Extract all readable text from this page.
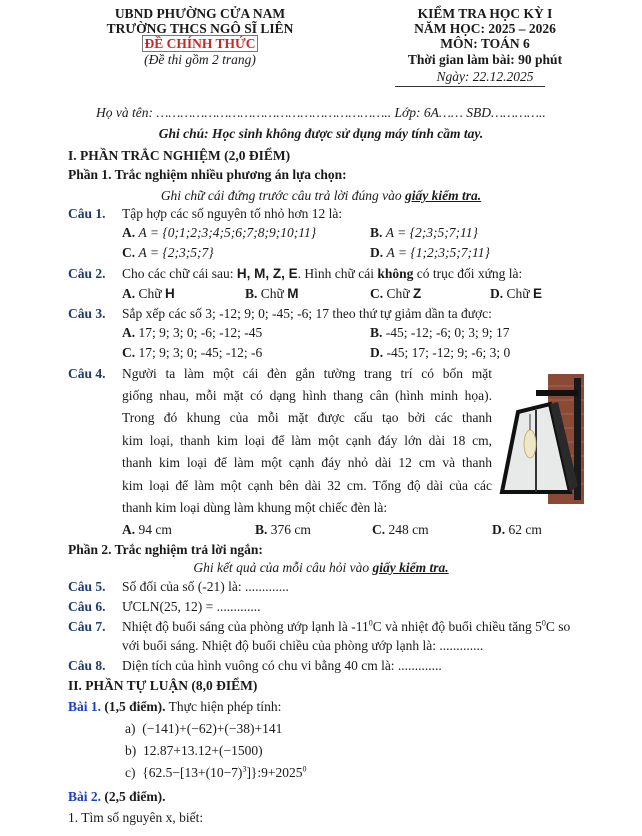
UBND PHƯỜNG CỬA NAM
TRƯỜNG THCS NGÔ SĨ LIÊN
ĐỀ CHÍNH THỨC
(Đề thi gồm 2 trang)
KIỂM TRA HỌC KỲ I
NĂM HỌC: 2025 – 2026
MÔN: TOÁN 6
Thời gian làm bài: 90 phút
Ngày: 22.12.2025
Họ và tên: ………………………………………………….. Lớp: 6A…… SBD…………..
Ghi chú: Học sinh không được sử dụng máy tính cầm tay.
I. PHẦN TRẮC NGHIỆM (2,0 ĐIỂM)
Phần 1. Trắc nghiệm nhiều phương án lựa chọn:
Ghi chữ cái đứng trước câu trả lời đúng vào giấy kiểm tra.
Câu 1. Tập hợp các số nguyên tố nhỏ hơn 12 là:
A. A = {0;1;2;3;4;5;6;7;8;9;10;11}	B. A = {2;3;5;7;11}
C. A = {2;3;5;7}	D. A = {1;2;3;5;7;11}
Câu 2. Cho các chữ cái sau: H, M, Z, E. Hình chữ cái không có trục đối xứng là:
A. Chữ H	B. Chữ M	C. Chữ Z	D. Chữ E
Câu 3. Sắp xếp các số 3; -12; 9; 0; -45; -6; 17 theo thứ tự giảm dần ta được:
A. 17; 9; 3; 0; -6; -12; -45	B. -45; -12; -6; 0; 3; 9; 17
C. 17; 9; 3; 0; -45; -12; -6	D. -45; 17; -12; 9; -6; 3; 0
Câu 4. Người ta làm một cái đèn gắn tường trang trí có bốn mặt
giống nhau, mỗi mặt có dạng hình thang cân (hình minh họa).
Trong đó khung của mỗi mặt được cấu tạo bởi các thanh
kim loại, thanh kim loại để làm một cạnh đáy lớn dài 18 cm,
thanh kim loại để làm một cạnh đáy nhỏ dài 12 cm và thanh
kim loại để làm một cạnh bên dài 32 cm. Tổng độ dài của các
thanh kim loại dùng làm khung một chiếc đèn là:
A. 94 cm	B. 376 cm	C. 248 cm	D. 62 cm
Phần 2. Trắc nghiệm trả lời ngắn:
Ghi kết quả của mỗi câu hỏi vào giấy kiểm tra.
Câu 5. Số đối của số (-21) là: .............
Câu 6. ƯCLN(25, 12) = .............
Câu 7. Nhiệt độ buổi sáng của phòng ướp lạnh là $-11^0C$ và nhiệt độ buổi chiều tăng $5^0C$ so
với buổi sáng. Nhiệt độ buổi chiều của phòng ướp lạnh là: .............
Câu 8. Diện tích của hình vuông có chu vi bằng 40 cm là: .............
II. PHẦN TỰ LUẬN (8,0 ĐIỂM)
Bài 1. (1,5 điểm). Thực hiện phép tính:
a) (−141)+(−62)+(−38)+141
b) 12.87+13.12+(−1500)
c) $\{62.5-[13+(10-7)^3]\}:9+2025^0$
Bài 2. (2,5 điểm).
1. Tìm số nguyên x, biết:
